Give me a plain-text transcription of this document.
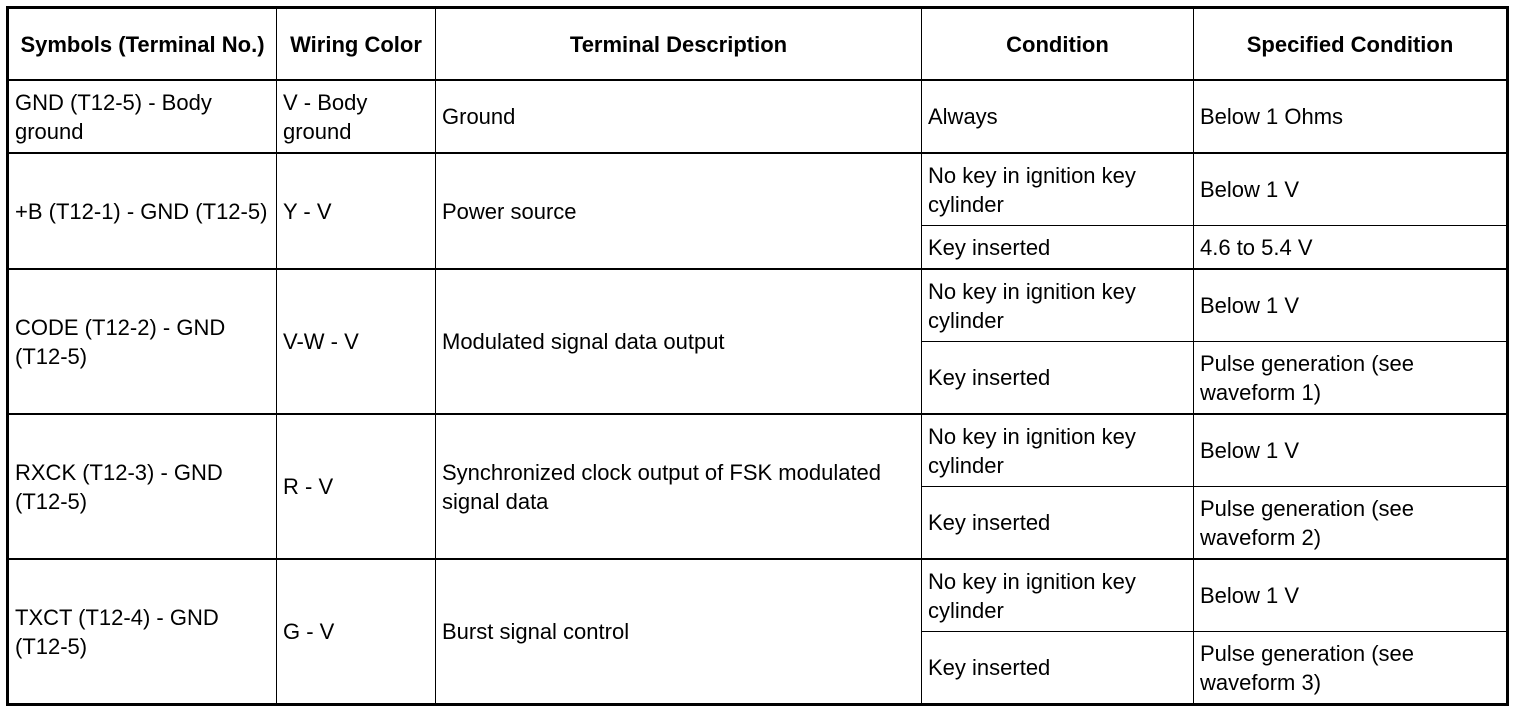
Symbols (Terminal No.)	Wiring Color	Terminal Description	Condition	Specified Condition
GND (T12-5) - Body ground	V - Body ground	Ground	Always	Below 1 Ohms
+B (T12-1) - GND (T12-5)	Y - V	Power source	No key in ignition key cylinder	Below 1 V
			Key inserted	4.6 to 5.4 V
CODE (T12-2) - GND (T12-5)	V-W - V	Modulated signal data output	No key in ignition key cylinder	Below 1 V
			Key inserted	Pulse generation (see waveform 1)
RXCK (T12-3) - GND (T12-5)	R - V	Synchronized clock output of FSK modulated signal data	No key in ignition key cylinder	Below 1 V
			Key inserted	Pulse generation (see waveform 2)
TXCT (T12-4) - GND (T12-5)	G - V	Burst signal control	No key in ignition key cylinder	Below 1 V
			Key inserted	Pulse generation (see waveform 3)
